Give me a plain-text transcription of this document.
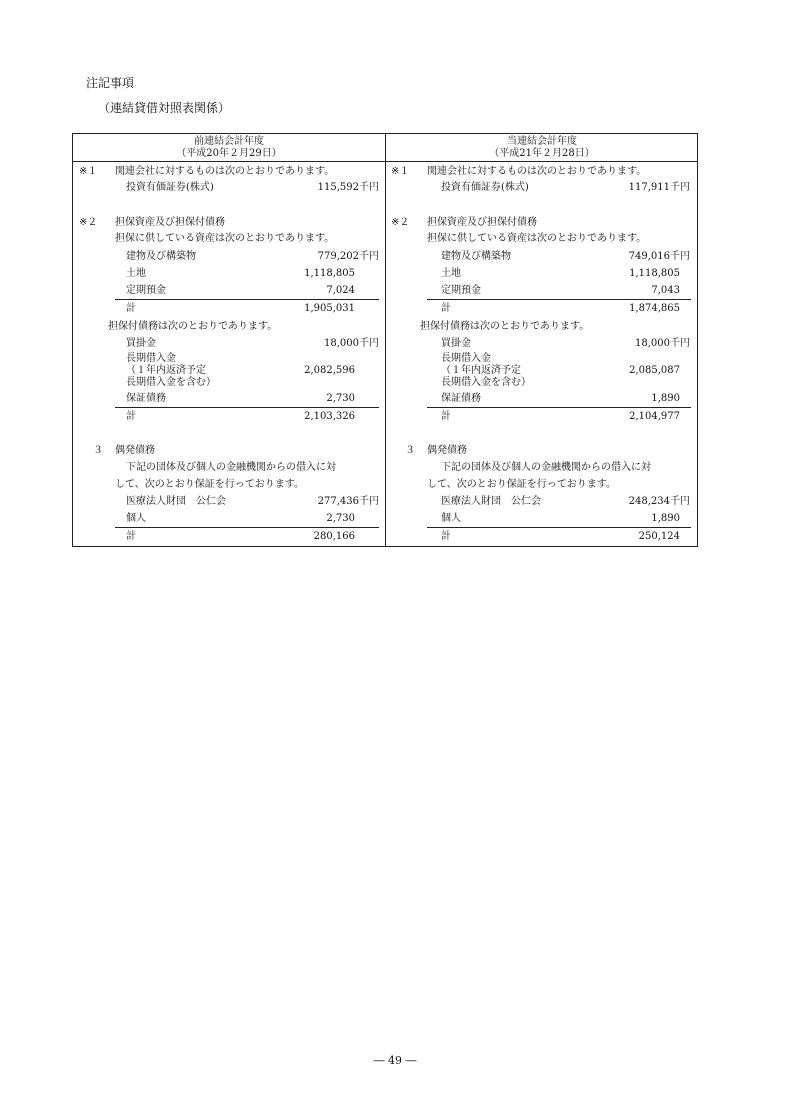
注記事項
（連結貸借対照表関係）
前連結会計年度
（平成20年２月29日）
※１ 関連会社に対するものは次のとおりであります。
投資有価証券(株式)	115,592千円
※２ 担保資産及び担保付債務
担保に供している資産は次のとおりであります。
建物及び構築物	779,202千円
土地	1,118,805
定期預金	7,024
計	1,905,031
担保付債務は次のとおりであります。
買掛金	18,000千円
長期借入金
（１年内返済予定	2,082,596
長期借入金を含む）
保証債務	2,730
計	2,103,326
３ 偶発債務
下記の団体及び個人の金融機関からの借入に対
して、次のとおり保証を行っております。
医療法人財団　公仁会	277,436千円
個人	2,730
計	280,166
当連結会計年度
（平成21年２月28日）
※１ 関連会社に対するものは次のとおりであります。
投資有価証券(株式)	117,911千円
※２ 担保資産及び担保付債務
担保に供している資産は次のとおりであります。
建物及び構築物	749,016千円
土地	1,118,805
定期預金	7,043
計	1,874,865
担保付債務は次のとおりであります。
買掛金	18,000千円
長期借入金
（１年内返済予定	2,085,087
長期借入金を含む）
保証債務	1,890
計	2,104,977
３ 偶発債務
下記の団体及び個人の金融機関からの借入に対
して、次のとおり保証を行っております。
医療法人財団　公仁会	248,234千円
個人	1,890
計	250,124
― 49 ―
